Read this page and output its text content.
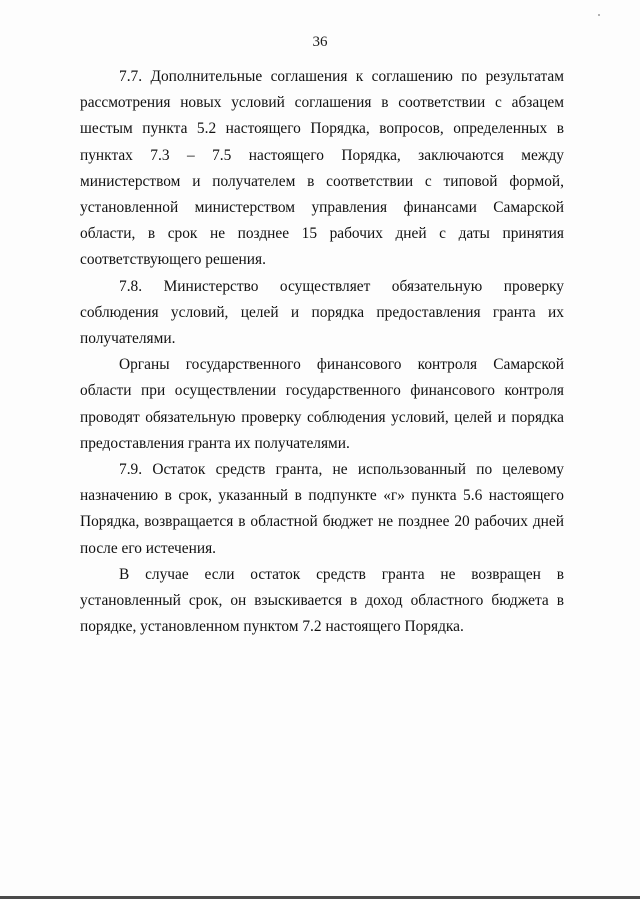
36

7.7. Дополнительные соглашения к соглашению по результатам рассмотрения новых условий соглашения в соответствии с абзацем шестым пункта 5.2 настоящего Порядка, вопросов, определенных в пунктах 7.3 – 7.5 настоящего Порядка, заключаются между министерством и получателем в соответствии с типовой формой, установленной министерством управления финансами Самарской области, в срок не позднее 15 рабочих дней с даты принятия соответствующего решения.

7.8. Министерство осуществляет обязательную проверку соблюдения условий, целей и порядка предоставления гранта их получателями.

Органы государственного финансового контроля Самарской области при осуществлении государственного финансового контроля проводят обязательную проверку соблюдения условий, целей и порядка предоставления гранта их получателями.

7.9. Остаток средств гранта, не использованный по целевому назначению в срок, указанный в подпункте «г» пункта 5.6 настоящего Порядка, возвращается в областной бюджет не позднее 20 рабочих дней после его истечения.

В случае если остаток средств гранта не возвращен в установленный срок, он взыскивается в доход областного бюджета в порядке, установленном пунктом 7.2 настоящего Порядка.
